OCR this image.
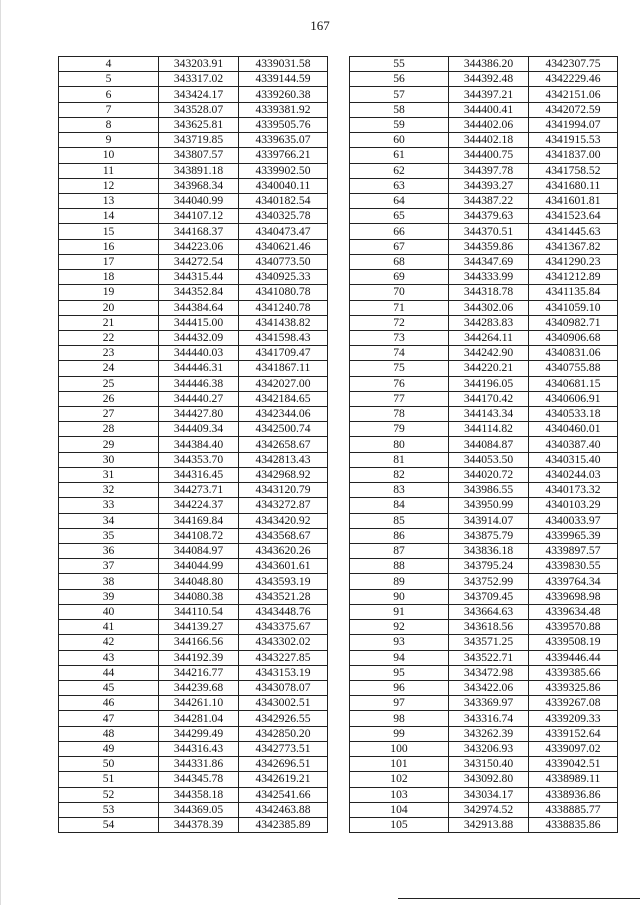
167
4	343203.91	4339031.58
5	343317.02	4339144.59
6	343424.17	4339260.38
7	343528.07	4339381.92
8	343625.81	4339505.76
9	343719.85	4339635.07
10	343807.57	4339766.21
11	343891.18	4339902.50
12	343968.34	4340040.11
13	344040.99	4340182.54
14	344107.12	4340325.78
15	344168.37	4340473.47
16	344223.06	4340621.46
17	344272.54	4340773.50
18	344315.44	4340925.33
19	344352.84	4341080.78
20	344384.64	4341240.78
21	344415.00	4341438.82
22	344432.09	4341598.43
23	344440.03	4341709.47
24	344446.31	4341867.11
25	344446.38	4342027.00
26	344440.27	4342184.65
27	344427.80	4342344.06
28	344409.34	4342500.74
29	344384.40	4342658.67
30	344353.70	4342813.43
31	344316.45	4342968.92
32	344273.71	4343120.79
33	344224.37	4343272.87
34	344169.84	4343420.92
35	344108.72	4343568.67
36	344084.97	4343620.26
37	344044.99	4343601.61
38	344048.80	4343593.19
39	344080.38	4343521.28
40	344110.54	4343448.76
41	344139.27	4343375.67
42	344166.56	4343302.02
43	344192.39	4343227.85
44	344216.77	4343153.19
45	344239.68	4343078.07
46	344261.10	4343002.51
47	344281.04	4342926.55
48	344299.49	4342850.20
49	344316.43	4342773.51
50	344331.86	4342696.51
51	344345.78	4342619.21
52	344358.18	4342541.66
53	344369.05	4342463.88
54	344378.39	4342385.89
55	344386.20	4342307.75
56	344392.48	4342229.46
57	344397.21	4342151.06
58	344400.41	4342072.59
59	344402.06	4341994.07
60	344402.18	4341915.53
61	344400.75	4341837.00
62	344397.78	4341758.52
63	344393.27	4341680.11
64	344387.22	4341601.81
65	344379.63	4341523.64
66	344370.51	4341445.63
67	344359.86	4341367.82
68	344347.69	4341290.23
69	344333.99	4341212.89
70	344318.78	4341135.84
71	344302.06	4341059.10
72	344283.83	4340982.71
73	344264.11	4340906.68
74	344242.90	4340831.06
75	344220.21	4340755.88
76	344196.05	4340681.15
77	344170.42	4340606.91
78	344143.34	4340533.18
79	344114.82	4340460.01
80	344084.87	4340387.40
81	344053.50	4340315.40
82	344020.72	4340244.03
83	343986.55	4340173.32
84	343950.99	4340103.29
85	343914.07	4340033.97
86	343875.79	4339965.39
87	343836.18	4339897.57
88	343795.24	4339830.55
89	343752.99	4339764.34
90	343709.45	4339698.98
91	343664.63	4339634.48
92	343618.56	4339570.88
93	343571.25	4339508.19
94	343522.71	4339446.44
95	343472.98	4339385.66
96	343422.06	4339325.86
97	343369.97	4339267.08
98	343316.74	4339209.33
99	343262.39	4339152.64
100	343206.93	4339097.02
101	343150.40	4339042.51
102	343092.80	4338989.11
103	343034.17	4338936.86
104	342974.52	4338885.77
105	342913.88	4338835.86
